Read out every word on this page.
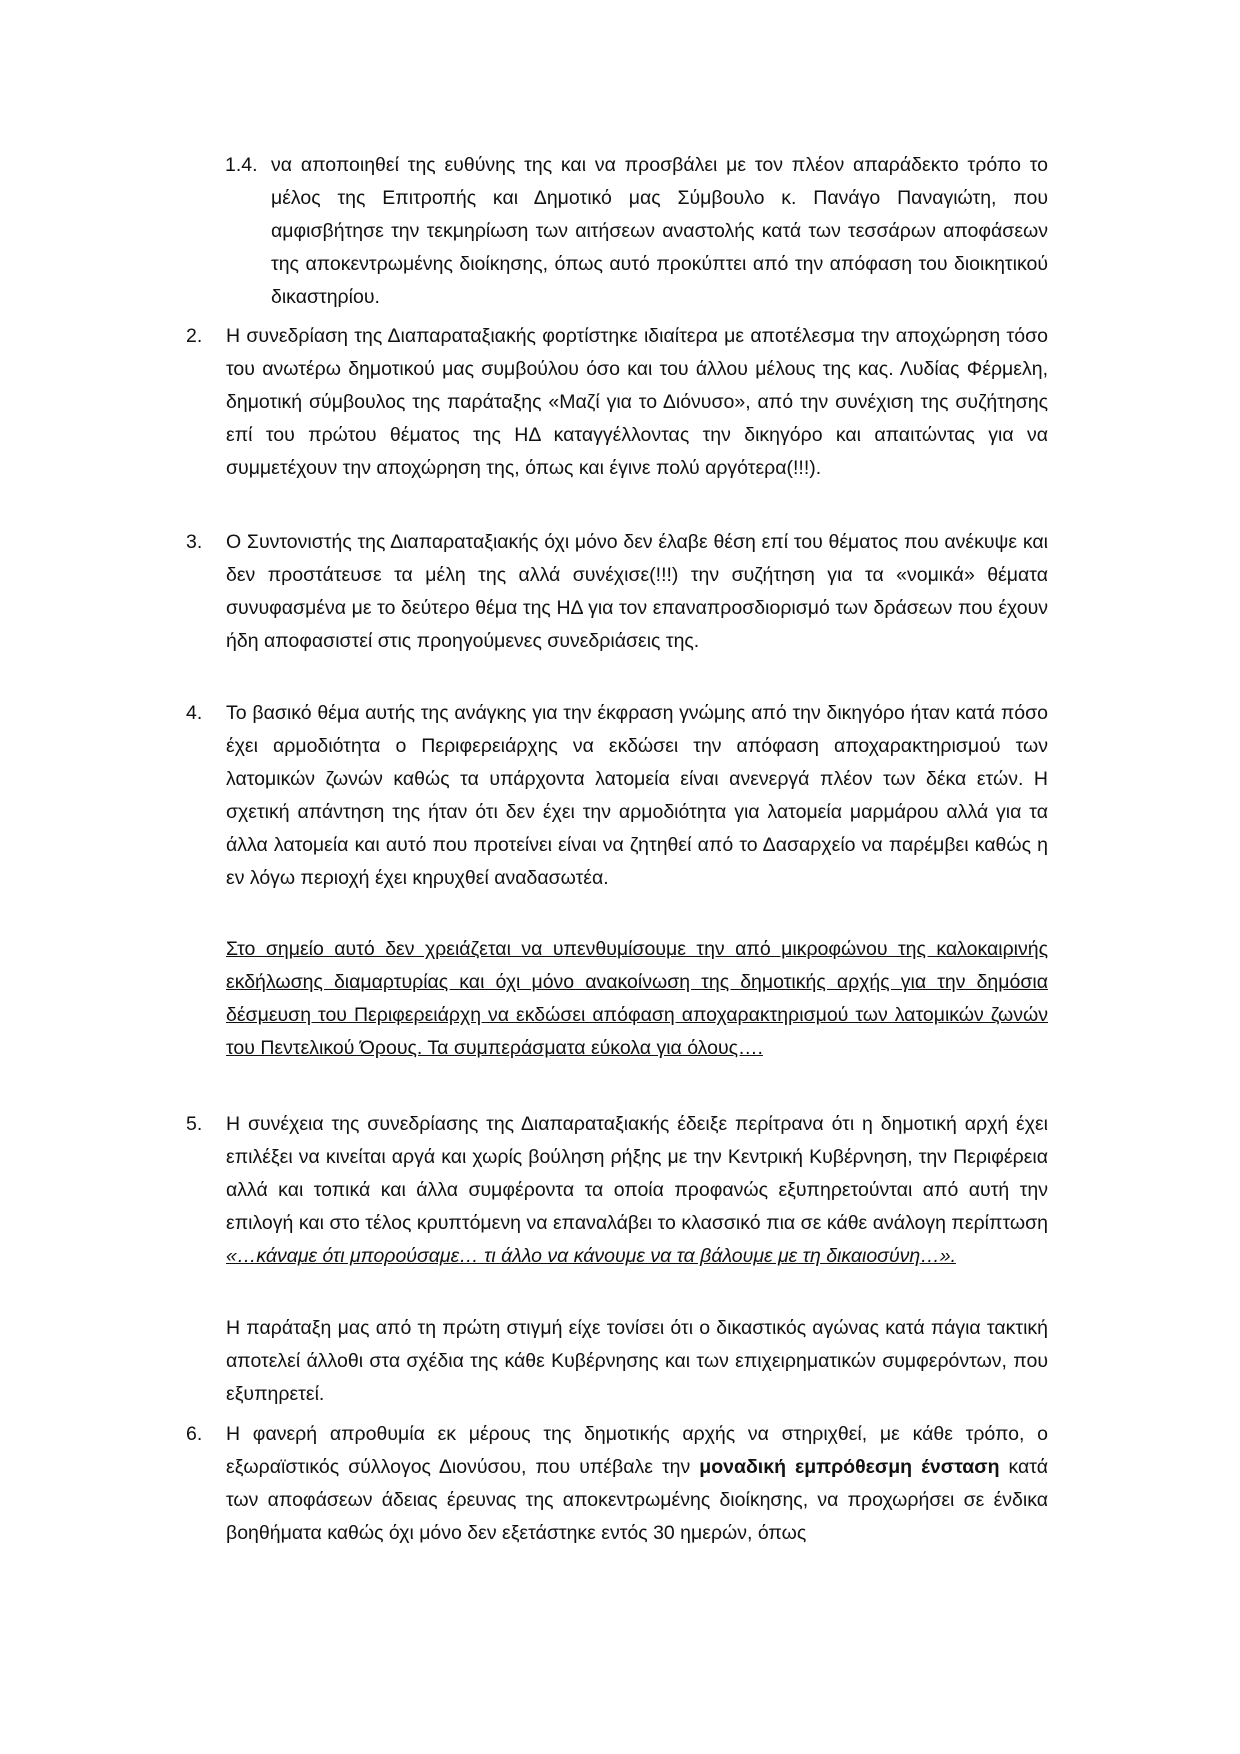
1.4. να αποποιηθεί της ευθύνης της και να προσβάλει με τον πλέον απαράδεκτο τρόπο το μέλος της Επιτροπής και Δημοτικό μας Σύμβουλο κ. Πανάγο Παναγιώτη, που αμφισβήτησε την τεκμηρίωση των αιτήσεων αναστολής κατά των τεσσάρων αποφάσεων της αποκεντρωμένης διοίκησης, όπως αυτό προκύπτει από την απόφαση του διοικητικού δικαστηρίου.

2. Η συνεδρίαση της Διαπαραταξιακής φορτίστηκε ιδιαίτερα με αποτέλεσμα την αποχώρηση τόσο του ανωτέρω δημοτικού μας συμβούλου όσο και του άλλου μέλους της κας. Λυδίας Φέρμελη, δημοτική σύμβουλος της παράταξης «Μαζί για το Διόνυσο», από την συνέχιση της συζήτησης επί του πρώτου θέματος της ΗΔ καταγγέλλοντας την δικηγόρο και απαιτώντας για να συμμετέχουν την αποχώρηση της, όπως και έγινε πολύ αργότερα(!!!).

3. Ο Συντονιστής της Διαπαραταξιακής όχι μόνο δεν έλαβε θέση επί του θέματος που ανέκυψε και δεν προστάτευσε τα μέλη της αλλά συνέχισε(!!!) την συζήτηση για τα «νομικά» θέματα συνυφασμένα με το δεύτερο θέμα της ΗΔ για τον επαναπροσδιορισμό των δράσεων που έχουν ήδη αποφασιστεί στις προηγούμενες συνεδριάσεις της.

4. Το βασικό θέμα αυτής της ανάγκης για την έκφραση γνώμης από την δικηγόρο ήταν κατά πόσο έχει αρμοδιότητα ο Περιφερειάρχης να εκδώσει την απόφαση αποχαρακτηρισμού των λατομικών ζωνών καθώς τα υπάρχοντα λατομεία είναι ανενεργά πλέον των δέκα ετών. Η σχετική απάντηση της ήταν ότι δεν έχει την αρμοδιότητα για λατομεία μαρμάρου αλλά για τα άλλα λατομεία και αυτό που προτείνει είναι να ζητηθεί από το Δασαρχείο να παρέμβει καθώς η εν λόγω περιοχή έχει κηρυχθεί αναδασωτέα.

Στο σημείο αυτό δεν χρειάζεται να υπενθυμίσουμε την από μικροφώνου της καλοκαιρινής εκδήλωσης διαμαρτυρίας και όχι μόνο ανακοίνωση της δημοτικής αρχής για την δημόσια δέσμευση του Περιφερειάρχη να εκδώσει απόφαση αποχαρακτηρισμού των λατομικών ζωνών του Πεντελικού Όρους. Τα συμπεράσματα εύκολα για όλους….

5. Η συνέχεια της συνεδρίασης της Διαπαραταξιακής έδειξε περίτρανα ότι η δημοτική αρχή έχει επιλέξει να κινείται αργά και χωρίς βούληση ρήξης με την Κεντρική Κυβέρνηση, την Περιφέρεια αλλά και τοπικά και άλλα συμφέροντα τα οποία προφανώς εξυπηρετούνται από αυτή την επιλογή και στο τέλος κρυπτόμενη να επαναλάβει το κλασσικό πια σε κάθε ανάλογη περίπτωση «…κάναμε ότι μπορούσαμε… τι άλλο να κάνουμε να τα βάλουμε με τη δικαιοσύνη…».

Η παράταξη μας από τη πρώτη στιγμή είχε τονίσει ότι ο δικαστικός αγώνας κατά πάγια τακτική αποτελεί άλλοθι στα σχέδια της κάθε Κυβέρνησης και των επιχειρηματικών συμφερόντων, που εξυπηρετεί.

6. Η φανερή απροθυμία εκ μέρους της δημοτικής αρχής να στηριχθεί, με κάθε τρόπο, ο εξωραϊστικός σύλλογος Διονύσου, που υπέβαλε την μοναδική εμπρόθεσμη ένσταση κατά των αποφάσεων άδειας έρευνας της αποκεντρωμένης διοίκησης, να προχωρήσει σε ένδικα βοηθήματα καθώς όχι μόνο δεν εξετάστηκε εντός 30 ημερών, όπως
